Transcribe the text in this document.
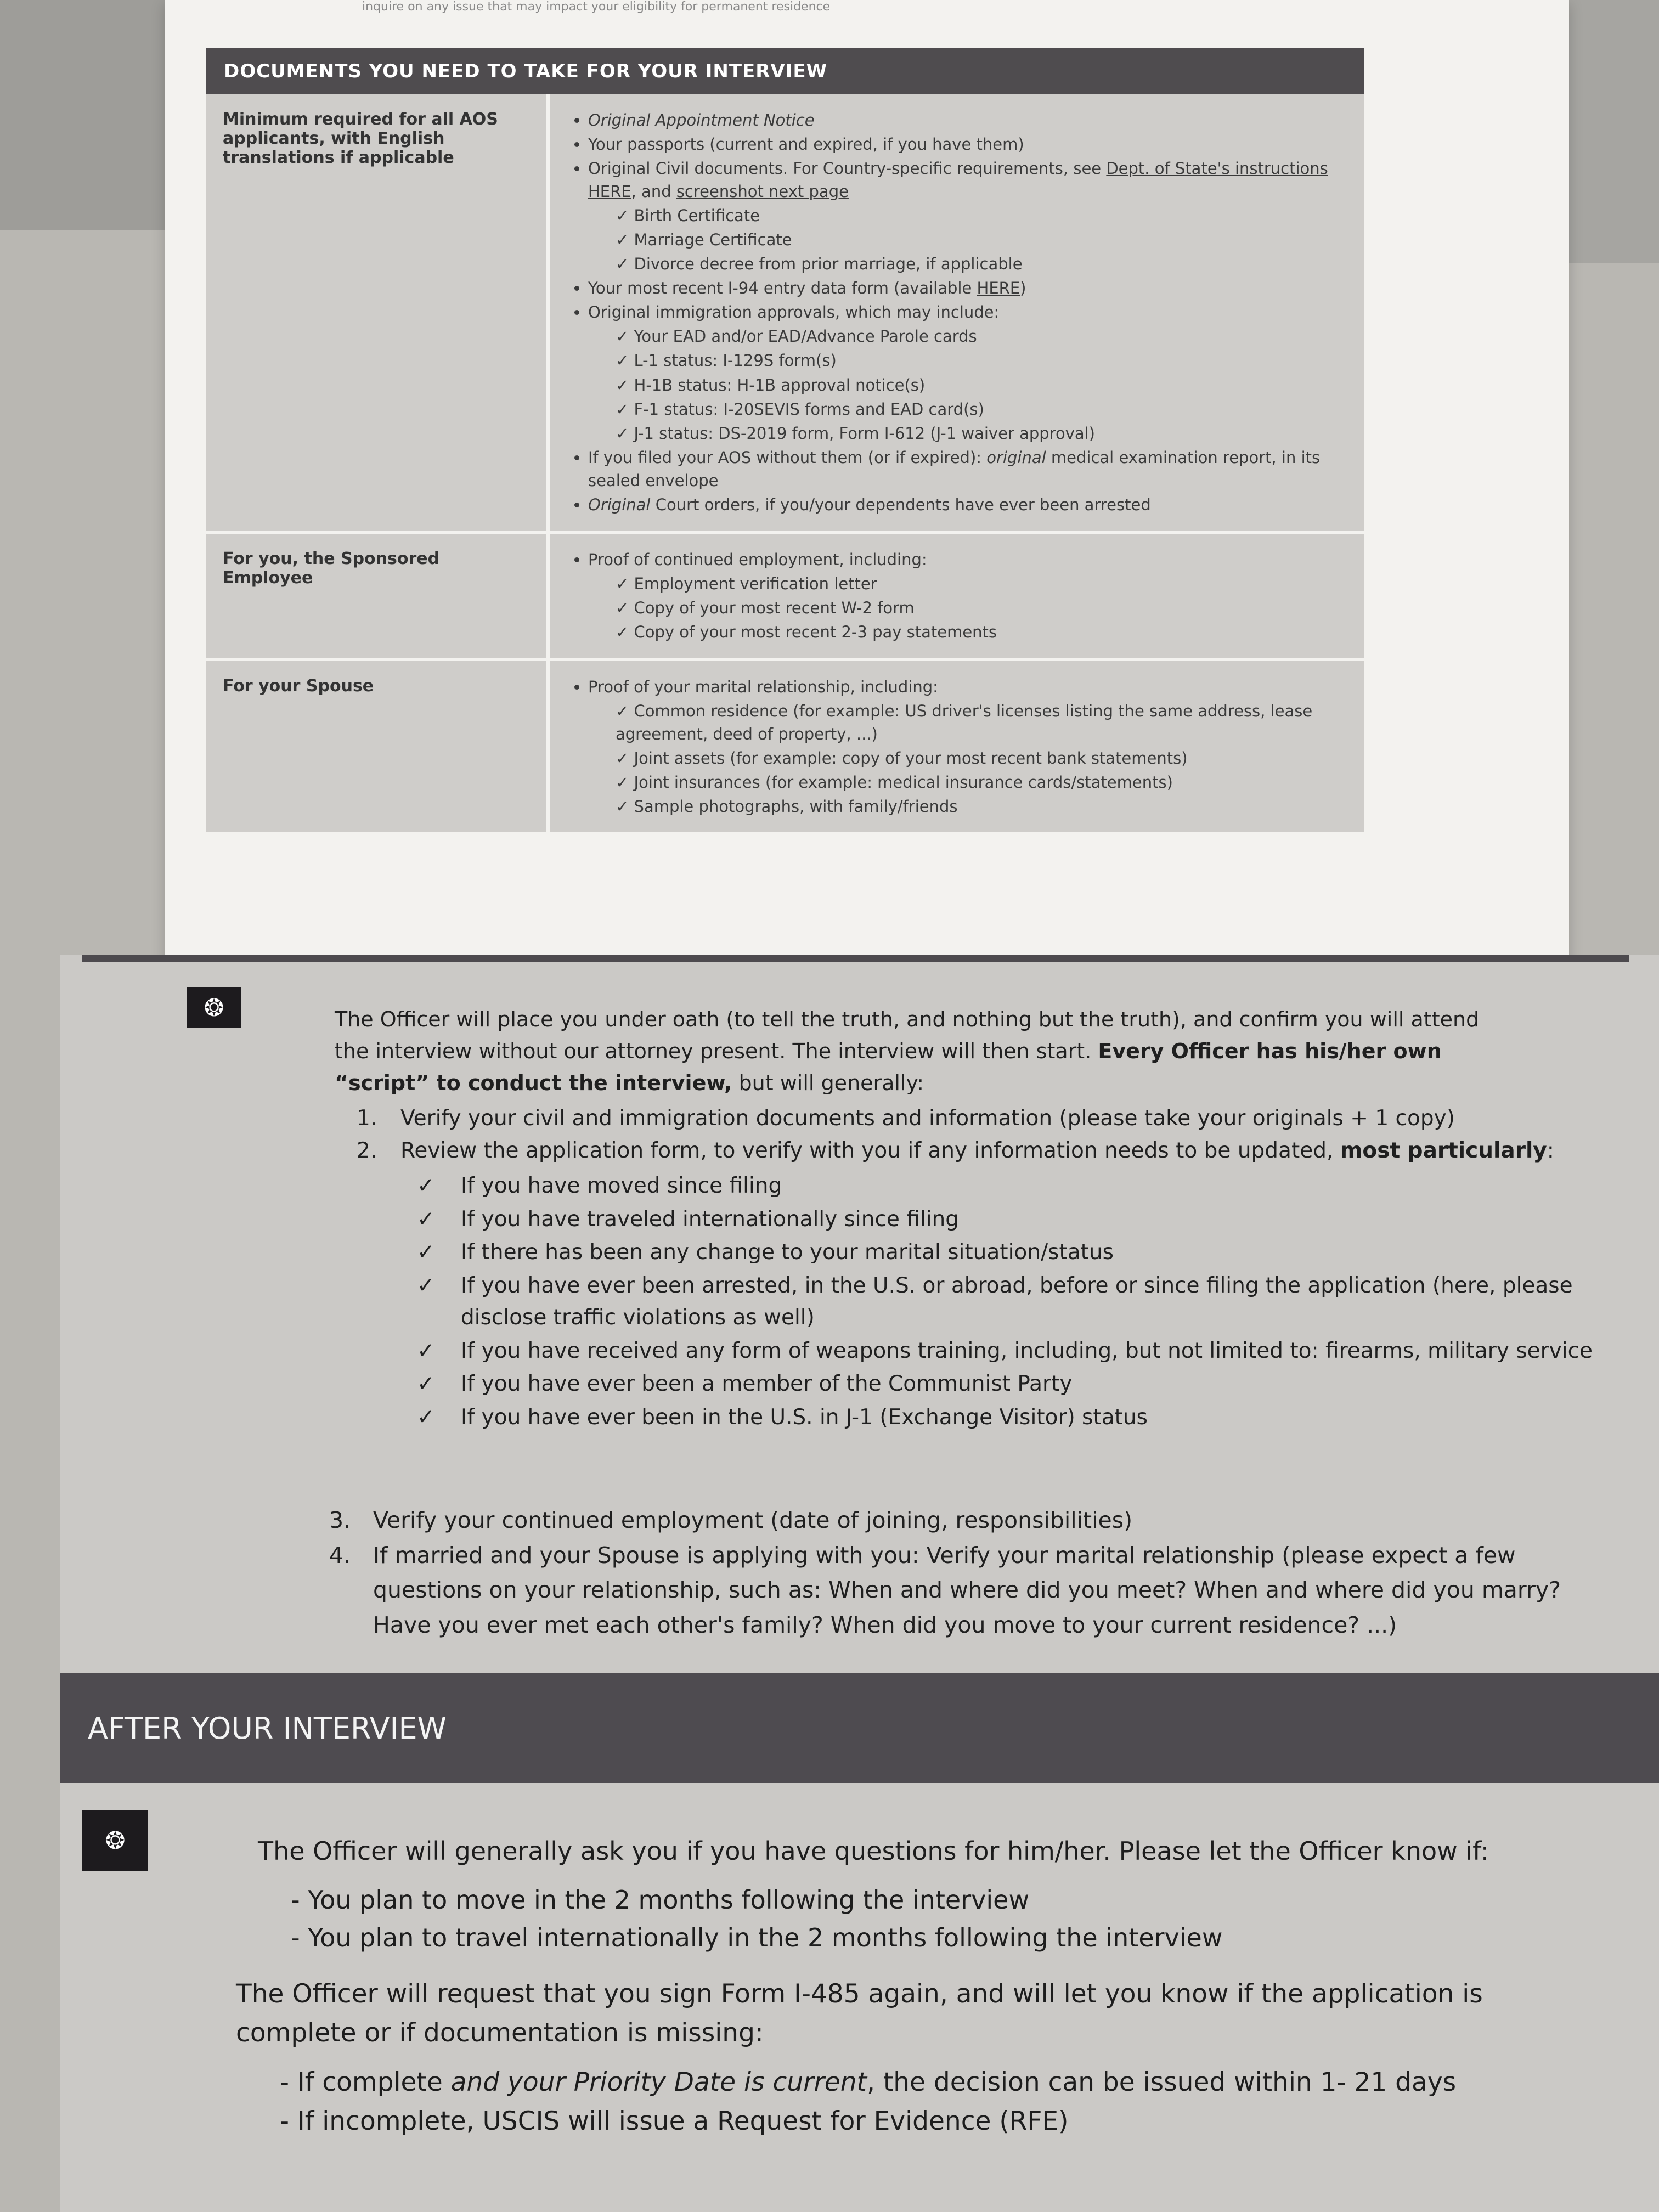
inquire on any issue that may impact your eligibility for permanent residence
DOCUMENTS YOU NEED TO TAKE FOR YOUR INTERVIEW
Minimum required for all AOS applicants, with English translations if applicable
• Original Appointment Notice
• Your passports (current and expired, if you have them)
• Original Civil documents. For Country-specific requirements, see Dept. of State's instructions HERE, and screenshot next page
✓ Birth Certificate
✓ Marriage Certificate
✓ Divorce decree from prior marriage, if applicable
• Your most recent I-94 entry data form (available HERE)
• Original immigration approvals, which may include:
✓ Your EAD and/or EAD/Advance Parole cards
✓ L-1 status: I-129S form(s)
✓ H-1B status: H-1B approval notice(s)
✓ F-1 status: I-20SEVIS forms and EAD card(s)
✓ J-1 status: DS-2019 form, Form I-612 (J-1 waiver approval)
• If you filed your AOS without them (or if expired): original medical examination report, in its sealed envelope
• Original Court orders, if you/your dependents have ever been arrested
For you, the Sponsored Employee
• Proof of continued employment, including:
✓ Employment verification letter
✓ Copy of your most recent W-2 form
✓ Copy of your most recent 2-3 pay statements
For your Spouse
•	Proof of your marital relationship, including:
✓ Common residence (for example: US driver's licenses listing the same address, lease agreement, deed of property, ...)
✓ Joint assets (for example: copy of your most recent bank statements)
✓ Joint insurances (for example: medical insurance cards/statements)
✓ Sample photographs, with family/friends
❂	The Officer will place you under oath (to tell the truth, and nothing but the truth), and confirm you will attend the interview without our attorney present. The interview will then start. Every Officer has his/her own “script” to conduct the interview, but will generally:
1.	Verify your civil and immigration documents and information (please take your originals + 1 copy)
2.	Review the application form, to verify with you if any information needs to be updated, most particularly:
✓	If you have moved since filing
✓	If you have traveled internationally since filing
✓	If there has been any change to your marital situation/status
✓	If you have ever been arrested, in the U.S. or abroad, before or since filing the application (here, please disclose traffic violations as well)
✓	If you have received any form of weapons training, including, but not limited to: firearms, military service
✓	If you have ever been a member of the Communist Party
✓	If you have ever been in the U.S. in J-1 (Exchange Visitor) status
3. Verify your continued employment (date of joining, responsibilities)
4. If married and your Spouse is applying with you: Verify your marital relationship (please expect a few questions on your relationship, such as: When and where did you meet? When and where did you marry? Have you ever met each other's family? When did you move to your current residence? ...)
AFTER YOUR INTERVIEW
❂	The Officer will generally ask you if you have questions for him/her. Please let the Officer know if:
- You plan to move in the 2 months following the interview
- You plan to travel internationally in the 2 months following the interview
The Officer will request that you sign Form I-485 again, and will let you know if the application is complete or if documentation is missing:
- If complete and your Priority Date is current, the decision can be issued within 1- 21 days
- If incomplete, USCIS will issue a Request for Evidence (RFE)
